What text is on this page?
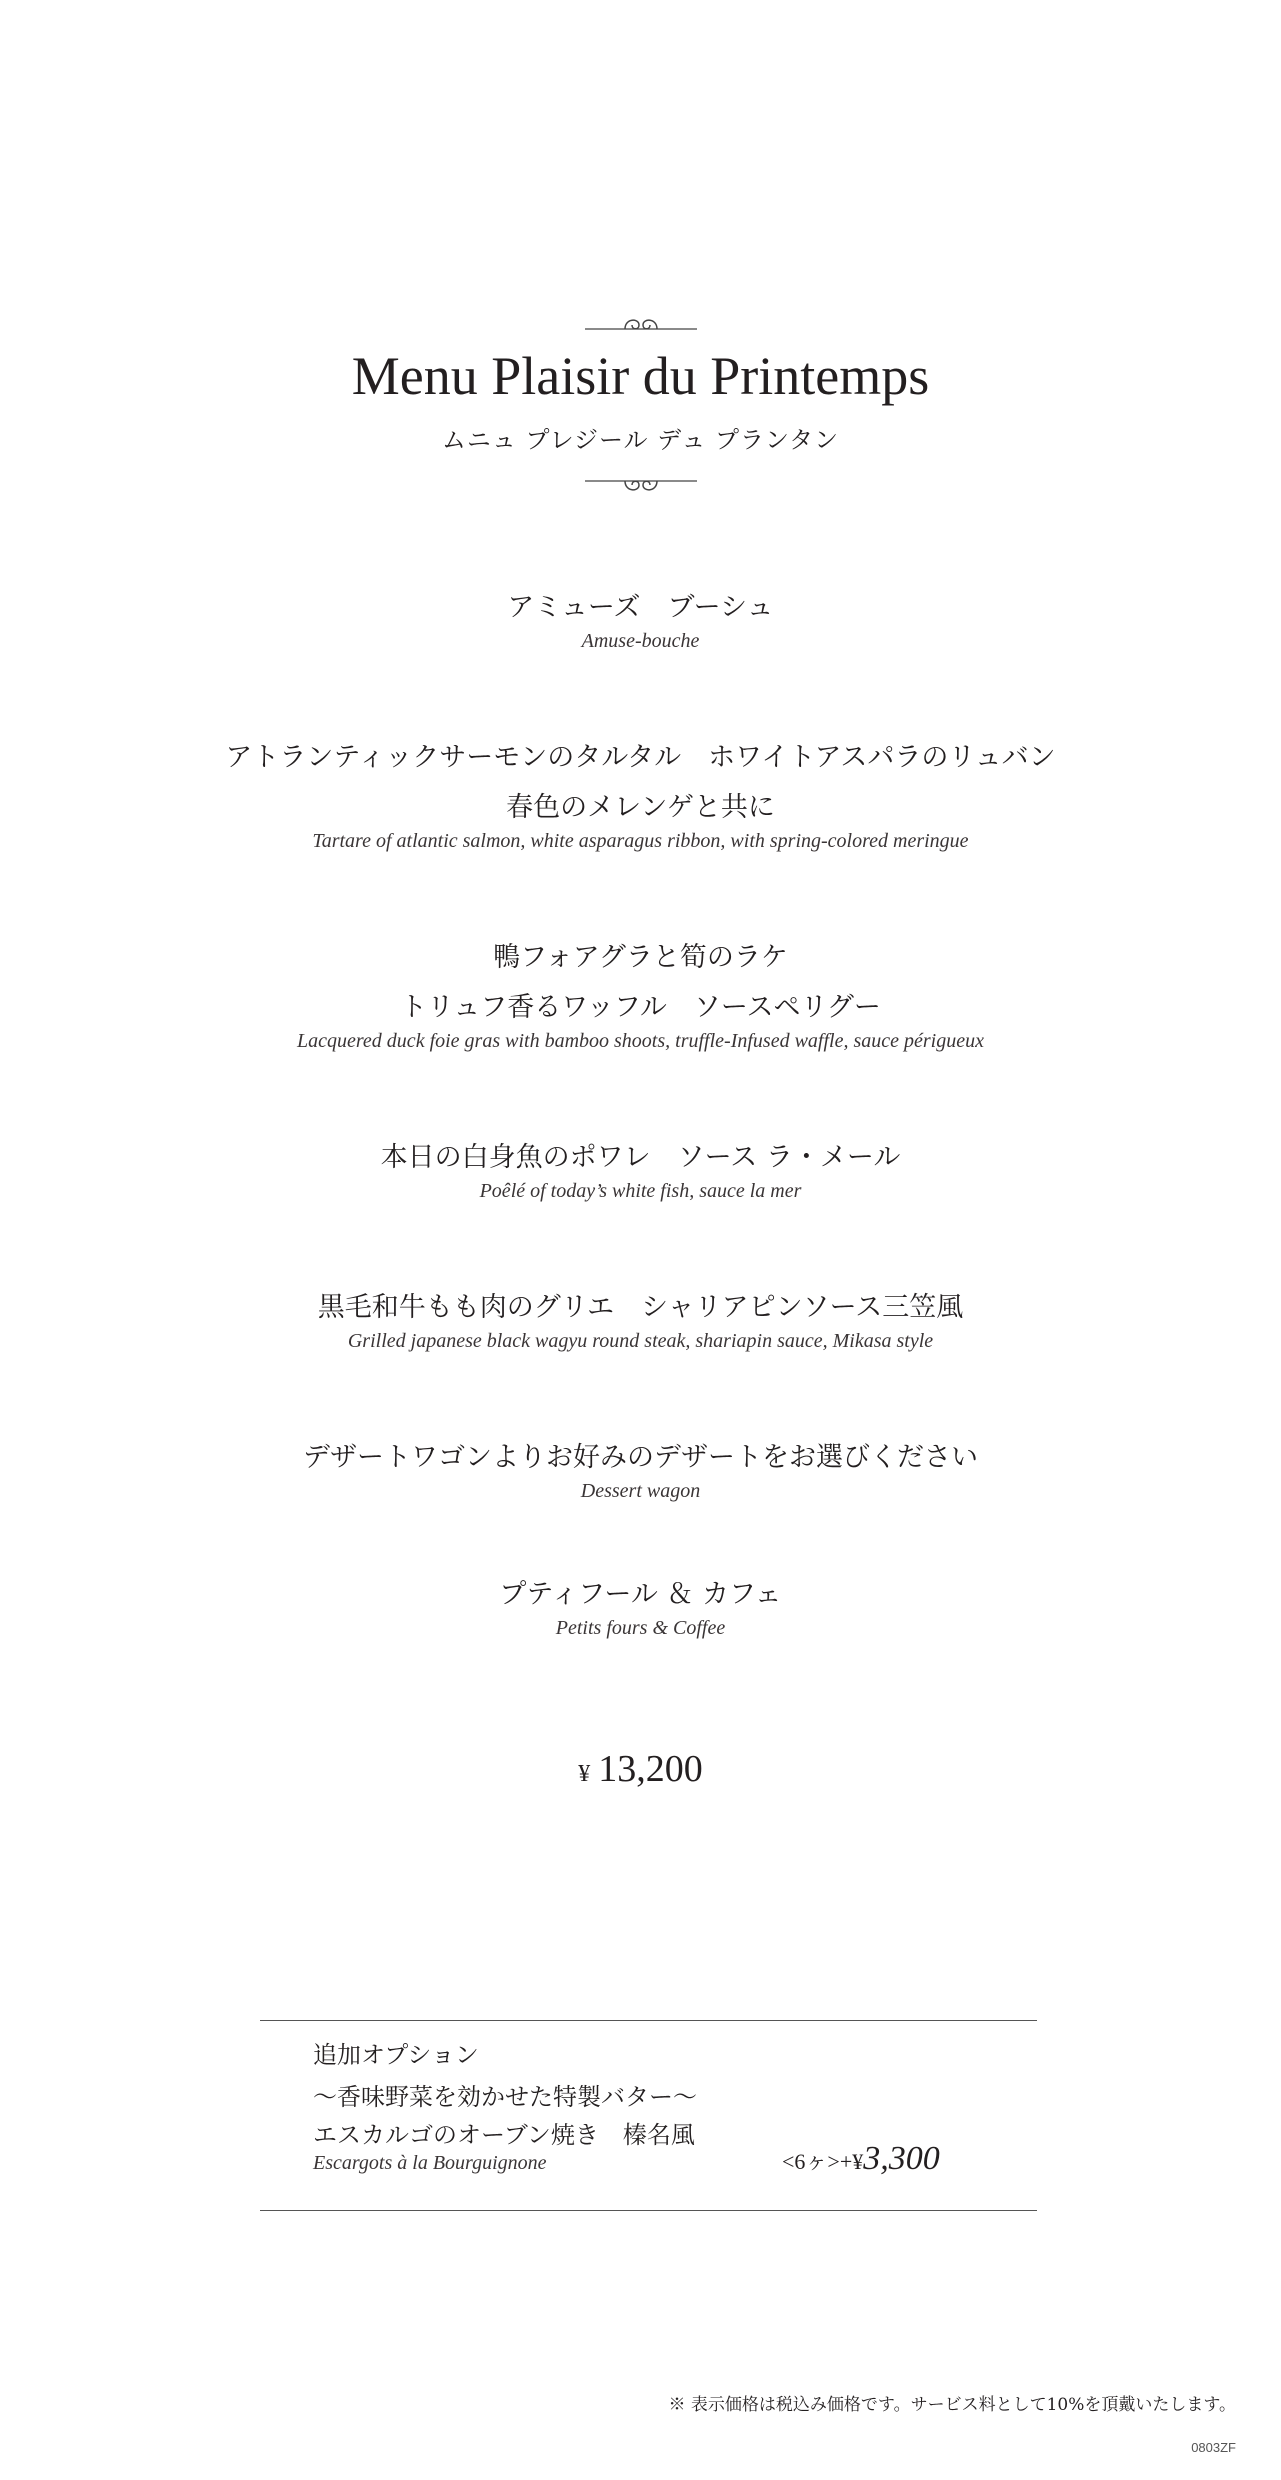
Menu Plaisir du Printemps
ムニュ プレジール デュ プランタン
アミューズ　ブーシュ
Amuse-bouche
アトランティックサーモンのタルタル　ホワイトアスパラのリュバン
春色のメレンゲと共に
Tartare of atlantic salmon, white asparagus ribbon, with spring-colored meringue
鴨フォアグラと筍のラケ
トリュフ香るワッフル　ソースペリグー
Lacquered duck foie gras with bamboo shoots, truffle-Infused waffle, sauce périgueux
本日の白身魚のポワレ　ソース ラ・メール
Poêlé of today’s white fish, sauce la mer
黒毛和牛もも肉のグリエ　シャリアピンソース三笠風
Grilled japanese black wagyu round steak, shariapin sauce, Mikasa style
デザートワゴンよりお好みのデザートをお選びください
Dessert wagon
プティフール ＆ カフェ
Petits fours & Coffee
¥ 13,200
追加オプション
～香味野菜を効かせた特製バター～
エスカルゴのオーブン焼き　榛名風
Escargots à la Bourguignone	<6ヶ>+¥3,300
※ 表示価格は税込み価格です。サービス料として10%を頂戴いたします。
0803ZF
